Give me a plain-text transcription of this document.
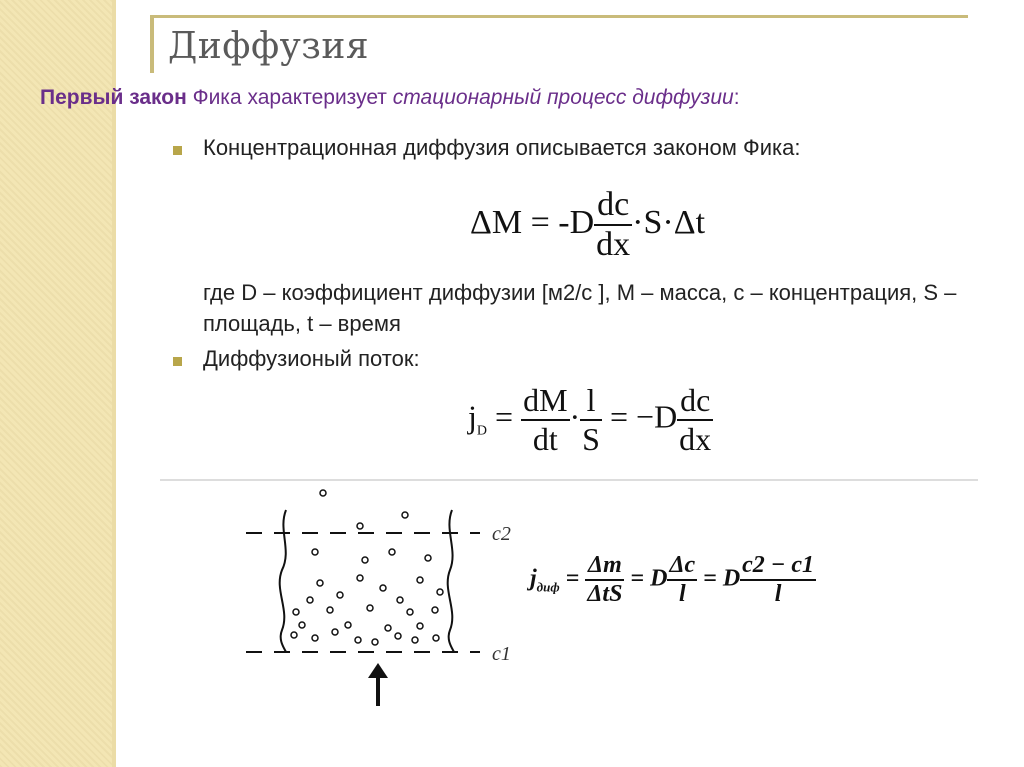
Диффузия
Первый закон Фика характеризует стационарный процесс диффузии:
Концентрационная диффузия описывается законом Фика:
$\Delta M = -D \frac{dc}{dx} \cdot S\cdot\Delta t$
где D – коэффициент диффузии [м2/с ], М – масса, с – концентрация, S – площадь, t – время
Диффузионый поток:
$j_D = \frac{dM}{dt} \cdot \frac{l}{S} = -D \frac{dc}{dx}$
c2
c1
$j_{диф} = \frac{\Delta m}{\text{ΔtS}} = D \frac{\Delta c}{l} = D \frac{c2 - c1}{l}$
